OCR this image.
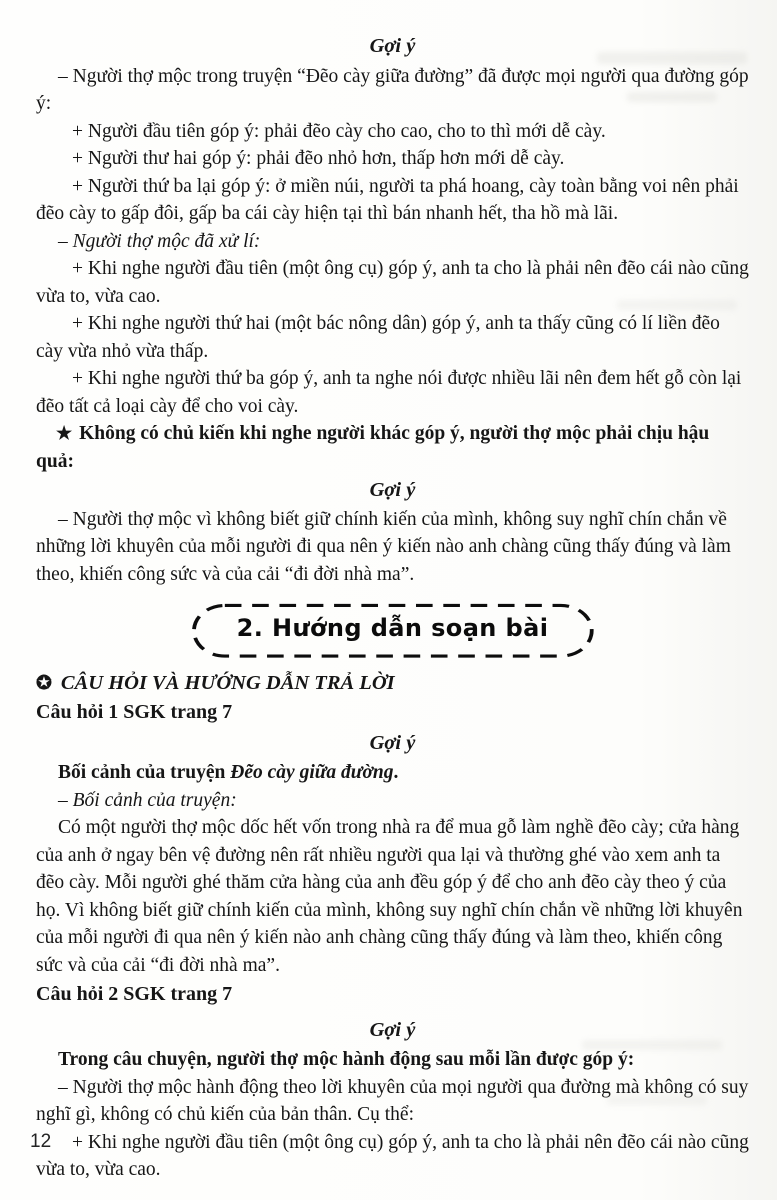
Gợi ý

– Người thợ mộc trong truyện “Đẽo cày giữa đường” đã được mọi người qua đường góp ý:

+ Người đầu tiên góp ý: phải đẽo cày cho cao, cho to thì mới dễ cày.

+ Người thư hai góp ý: phải đẽo nhỏ hơn, thấp hơn mới dễ cày.

+ Người thứ ba lại góp ý: ở miền núi, người ta phá hoang, cày toàn bằng voi nên phải đẽo cày to gấp đôi, gấp ba cái cày hiện tại thì bán nhanh hết, tha hồ mà lãi.

– Người thợ mộc đã xử lí:

+ Khi nghe người đầu tiên (một ông cụ) góp ý, anh ta cho là phải nên đẽo cái nào cũng vừa to, vừa cao.

+ Khi nghe người thứ hai (một bác nông dân) góp ý, anh ta thấy cũng có lí liền đẽo cày vừa nhỏ vừa thấp.

+ Khi nghe người thứ ba góp ý, anh ta nghe nói được nhiều lãi nên đem hết gỗ còn lại đẽo tất cả loại cày để cho voi cày.

★ Không có chủ kiến khi nghe người khác góp ý, người thợ mộc phải chịu hậu quả:

Gợi ý

– Người thợ mộc vì không biết giữ chính kiến của mình, không suy nghĩ chín chắn về những lời khuyên của mỗi người đi qua nên ý kiến nào anh chàng cũng thấy đúng và làm theo, khiến công sức và của cải “đi đời nhà ma”.

2. Hướng dẫn soạn bài

✪ CÂU HỎI VÀ HƯỚNG DẪN TRẢ LỜI

Câu hỏi 1 SGK trang 7

Gợi ý

Bối cảnh của truyện Đẽo cày giữa đường.

– Bối cảnh của truyện:

Có một người thợ mộc dốc hết vốn trong nhà ra để mua gỗ làm nghề đẽo cày; cửa hàng của anh ở ngay bên vệ đường nên rất nhiều người qua lại và thường ghé vào xem anh ta đẽo cày. Mỗi người ghé thăm cửa hàng của anh đều góp ý để cho anh đẽo cày theo ý của họ. Vì không biết giữ chính kiến của mình, không suy nghĩ chín chắn về những lời khuyên của mỗi người đi qua nên ý kiến nào anh chàng cũng thấy đúng và làm theo, khiến công sức và của cải “đi đời nhà ma”.

Câu hỏi 2 SGK trang 7

Gợi ý

Trong câu chuyện, người thợ mộc hành động sau mỗi lần được góp ý:

– Người thợ mộc hành động theo lời khuyên của mọi người qua đường mà không có suy nghĩ gì, không có chủ kiến của bản thân. Cụ thể:

+ Khi nghe người đầu tiên (một ông cụ) góp ý, anh ta cho là phải nên đẽo cái nào cũng vừa to, vừa cao.

12
